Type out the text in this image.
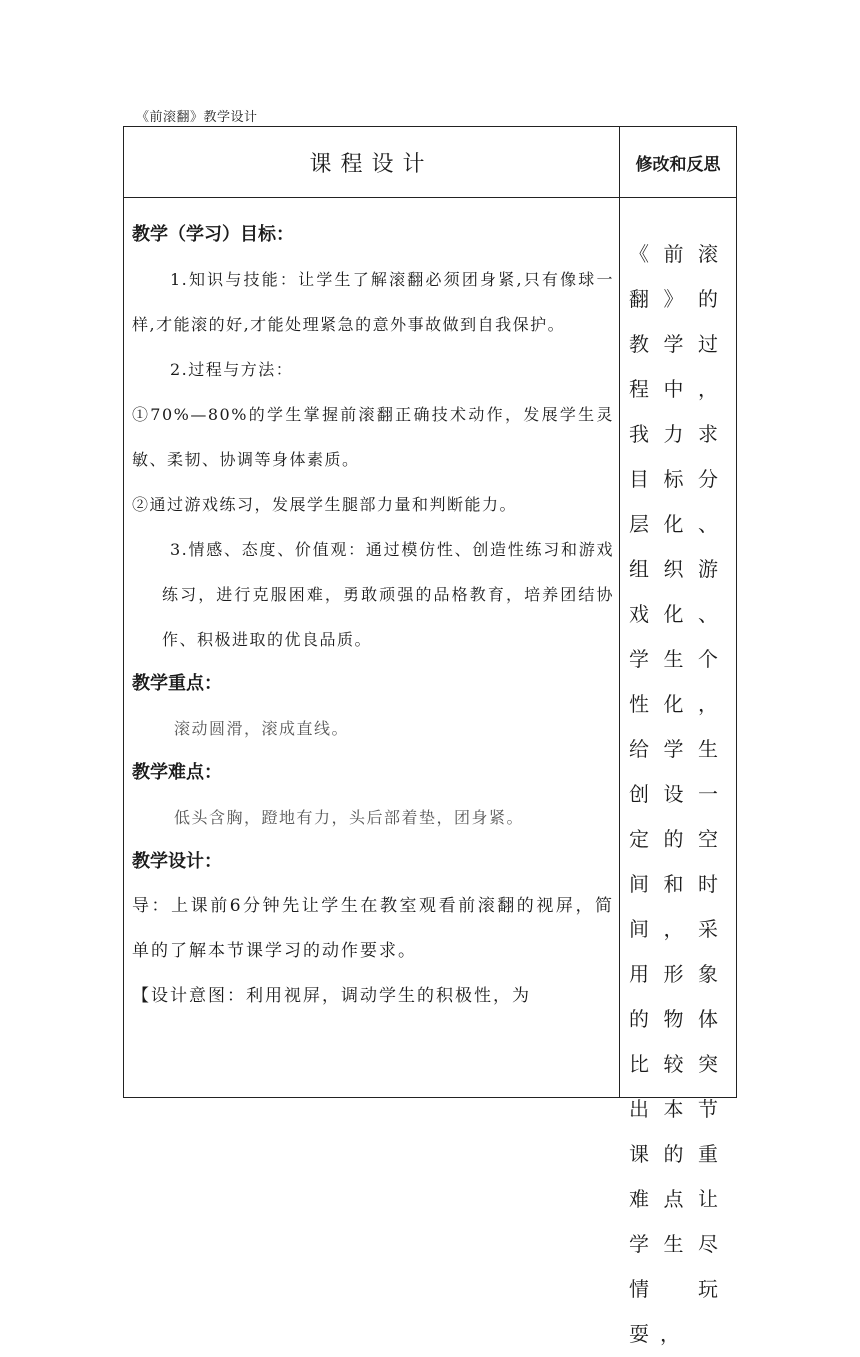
《前滚翻》教学设计
课程设计	修改和反思

教学（学习）目标：

1.知识与技能：让学生了解滚翻必须团身紧,只有像球一样,才能滚的好,才能处理紧急的意外事故做到自我保护。

2.过程与方法：

①70%—80%的学生掌握前滚翻正确技术动作，发展学生灵敏、柔韧、协调等身体素质。

②通过游戏练习，发展学生腿部力量和判断能力。

3.情感、态度、价值观：通过模仿性、创造性练习和游戏练习，进行克服困难，勇敢顽强的品格教育，培养团结协作、积极进取的优良品质。

教学重点：

滚动圆滑，滚成直线。

教学难点：

低头含胸，蹬地有力，头后部着垫，团身紧。

教学设计：

导：上课前6分钟先让学生在教室观看前滚翻的视屏，简单的了解本节课学习的动作要求。

【设计意图：利用视屏，调动学生的积极性，为

《前滚翻》的教学过程中，我力求目标分层化、组织游戏化、学生个性化，给学生创设一定的空间和时间，采用形象的物体比较突出本节课的重难点让学生尽情玩耍，
